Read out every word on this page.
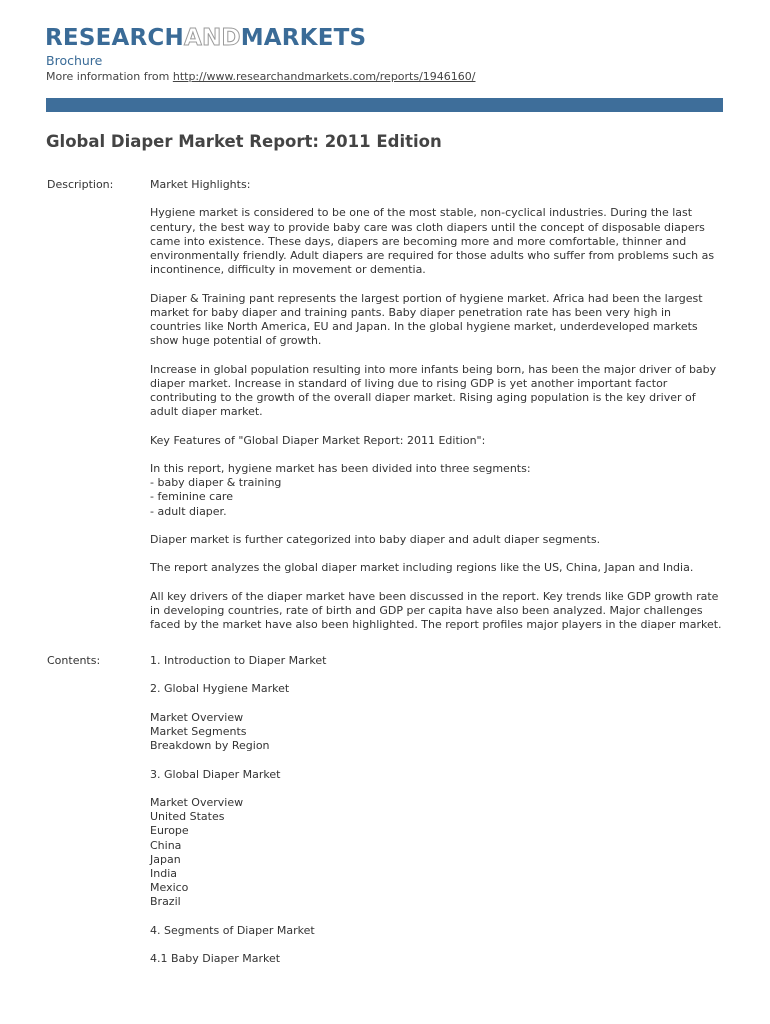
RESEARCHANDMARKETS
Brochure
More information from http://www.researchandmarkets.com/reports/1946160/
Global Diaper Market Report: 2011 Edition
Description:	Market Highlights:

Hygiene market is considered to be one of the most stable, non-cyclical industries. During the last century, the best way to provide baby care was cloth diapers until the concept of disposable diapers came into existence. These days, diapers are becoming more and more comfortable, thinner and environmentally friendly. Adult diapers are required for those adults who suffer from problems such as incontinence, difficulty in movement or dementia.

Diaper & Training pant represents the largest portion of hygiene market. Africa had been the largest market for baby diaper and training pants. Baby diaper penetration rate has been very high in countries like North America, EU and Japan. In the global hygiene market, underdeveloped markets show huge potential of growth.

Increase in global population resulting into more infants being born, has been the major driver of baby diaper market. Increase in standard of living due to rising GDP is yet another important factor contributing to the growth of the overall diaper market. Rising aging population is the key driver of adult diaper market.

Key Features of "Global Diaper Market Report: 2011 Edition":

In this report, hygiene market has been divided into three segments:
- baby diaper & training
- feminine care
- adult diaper.

Diaper market is further categorized into baby diaper and adult diaper segments.

The report analyzes the global diaper market including regions like the US, China, Japan and India.

All key drivers of the diaper market have been discussed in the report. Key trends like GDP growth rate in developing countries, rate of birth and GDP per capita have also been analyzed. Major challenges faced by the market have also been highlighted. The report profiles major players in the diaper market.

Contents:	1. Introduction to Diaper Market
2. Global Hygiene Market
Market Overview
Market Segments
Breakdown by Region
3. Global Diaper Market
Market Overview
United States
Europe
China
Japan
India
Mexico
Brazil
4. Segments of Diaper Market
4.1 Baby Diaper Market
